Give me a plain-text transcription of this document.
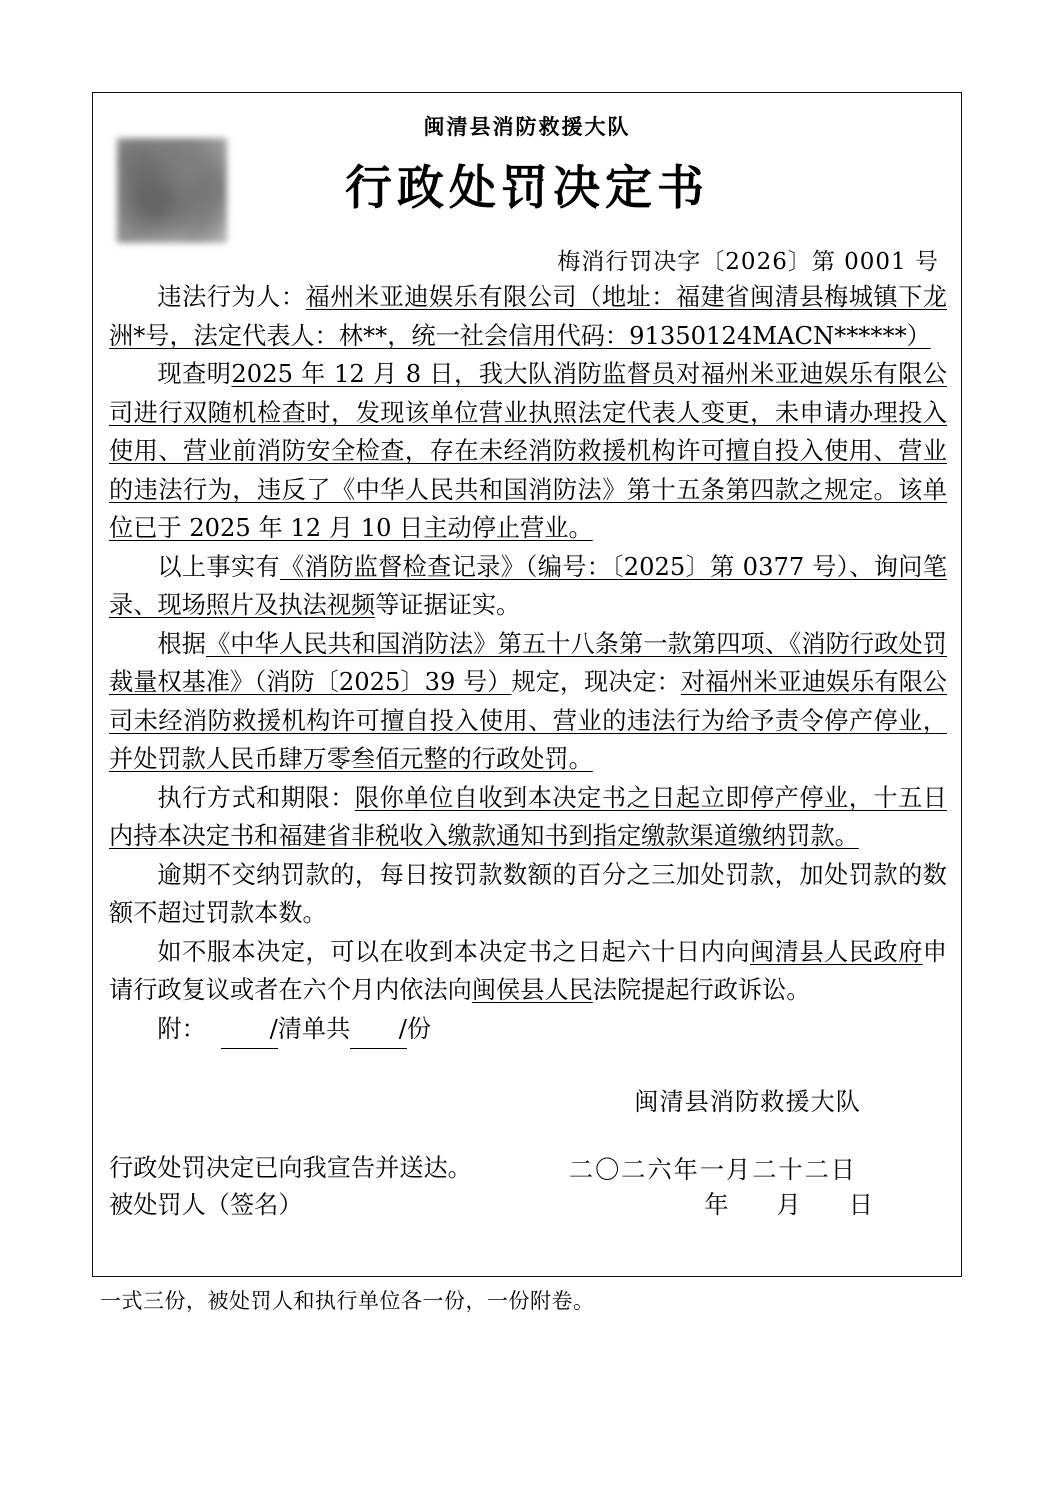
闽清县消防救援大队
行政处罚决定书
梅消行罚决字〔2026〕第 0001 号

违法行为人：福州米亚迪娱乐有限公司（地址：福建省闽清县梅城镇下龙洲*号，法定代表人：林**，统一社会信用代码：91350124MACN******）

现查明2025 年 12 月 8 日，我大队消防监督员对福州米亚迪娱乐有限公司进行双随机检查时，发现该单位营业执照法定代表人变更，未申请办理投入使用、营业前消防安全检查，存在未经消防救援机构许可擅自投入使用、营业的违法行为，违反了《中华人民共和国消防法》第十五条第四款之规定。该单位已于 2025 年 12 月 10 日主动停止营业。

以上事实有《消防监督检查记录》（编号：〔2025〕第 0377 号）、询问笔录、现场照片及执法视频等证据证实。

根据《中华人民共和国消防法》第五十八条第一款第四项、《消防行政处罚裁量权基准》（消防〔2025〕39 号）规定，现决定：对福州米亚迪娱乐有限公司未经消防救援机构许可擅自投入使用、营业的违法行为给予责令停产停业，并处罚款人民币肆万零叁佰元整的行政处罚。

执行方式和期限：限你单位自收到本决定书之日起立即停产停业，十五日内持本决定书和福建省非税收入缴款通知书到指定缴款渠道缴纳罚款。

逾期不交纳罚款的，每日按罚款数额的百分之三加处罚款，加处罚款的数额不超过罚款本数。

如不服本决定，可以在收到本决定书之日起六十日内向闽清县人民政府申请行政复议或者在六个月内依法向闽侯县人民法院提起行政诉讼。

附：	/清单共 /份

闽清县消防救援大队
二〇二六年一月二十二日
行政处罚决定已向我宣告并送达。
被处罚人（签名）	年 月 日
一式三份，被处罚人和执行单位各一份，一份附卷。
